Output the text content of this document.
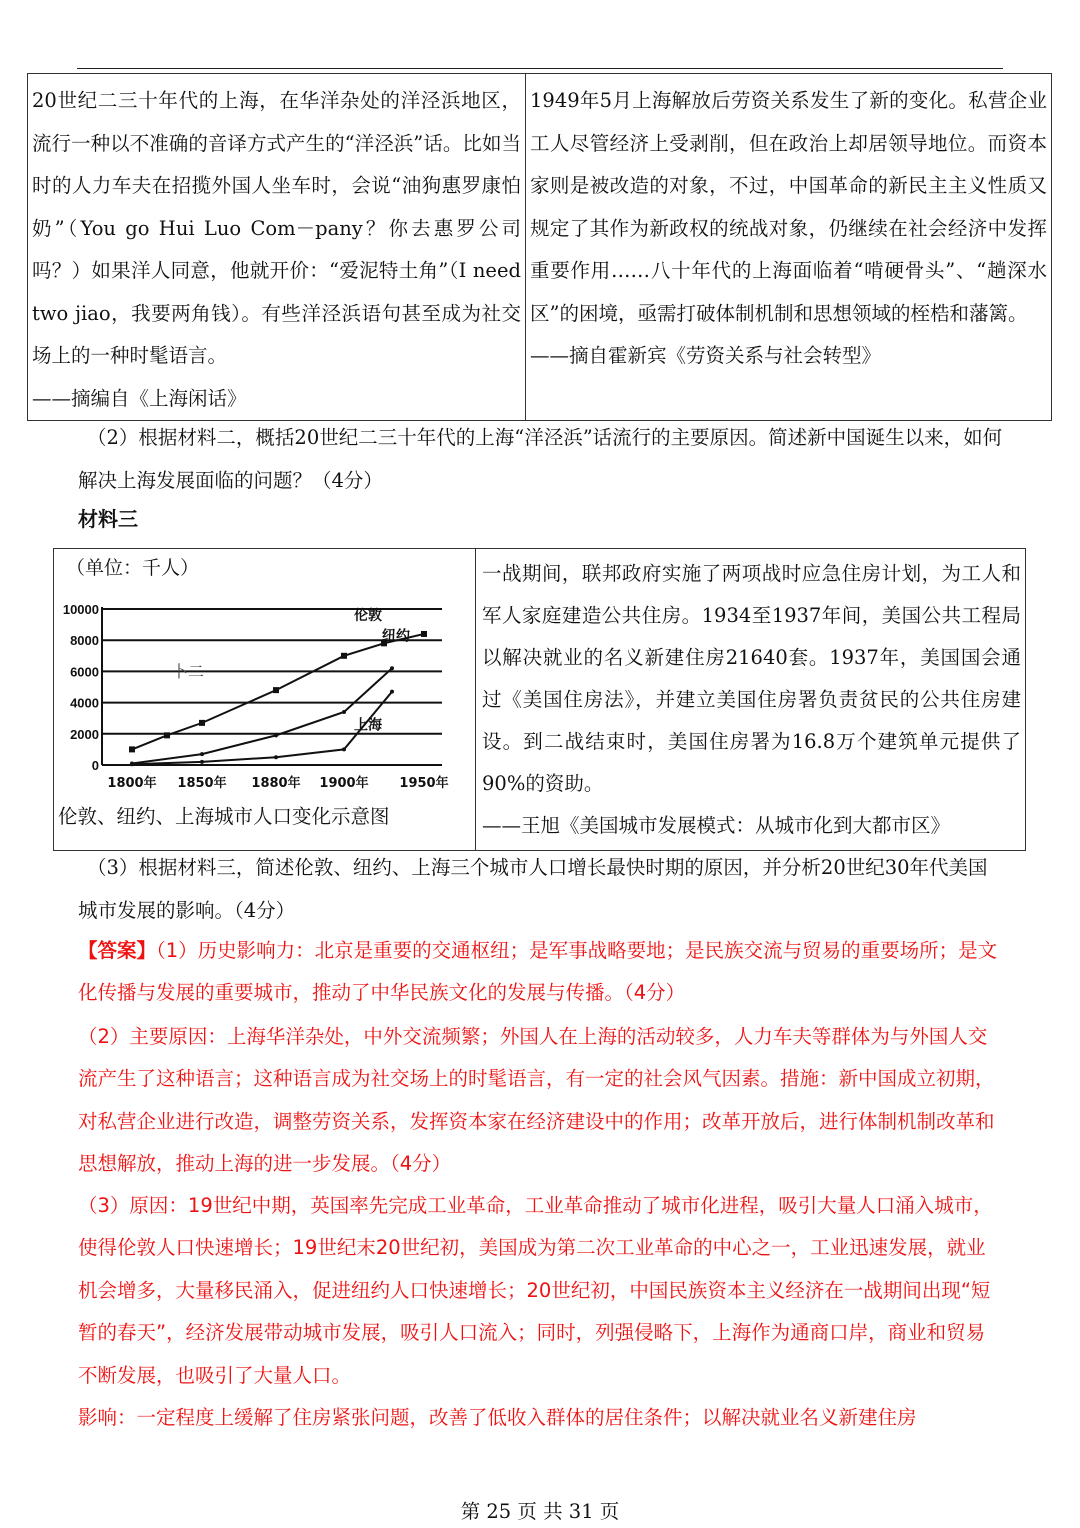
20世纪二三十年代的上海，在华洋杂处的洋泾浜地区，流行一种以不准确的音译方式产生的“洋泾浜”话。比如当时的人力车夫在招揽外国人坐车时，会说“油狗惠罗康怕奶”（You go Hui Luo Com－pany？你去惠罗公司吗？）如果洋人同意，他就开价：“爱泥特土角”（I need two jiao，我要两角钱）。有些洋泾浜语句甚至成为社交场上的一种时髦语言。
——摘编自《上海闲话》
1949年5月上海解放后劳资关系发生了新的变化。私营企业工人尽管经济上受剥削，但在政治上却居领导地位。而资本家则是被改造的对象，不过，中国革命的新民主主义性质又规定了其作为新政权的统战对象，仍继续在社会经济中发挥重要作用……八十年代的上海面临着“啃硬骨头”、“趟深水区”的困境，亟需打破体制机制和思想领域的桎梏和藩篱。
——摘自霍新宾《劳资关系与社会转型》
（2）根据材料二，概括20世纪二三十年代的上海“洋泾浜”话流行的主要原因。简述新中国诞生以来，如何解决上海发展面临的问题？（4分）
材料三
（单位：千人）
0
2000
4000
6000
8000
10000
1800年 1850年 1880年 1900年 1950年
伦敦
纽约
上海
卜二
伦敦、纽约、上海城市人口变化示意图
一战期间，联邦政府实施了两项战时应急住房计划，为工人和军人家庭建造公共住房。1934至1937年间，美国公共工程局以解决就业的名义新建住房21640套。1937年，美国国会通过《美国住房法》，并建立美国住房署负责贫民的公共住房建设。到二战结束时，美国住房署为16.8万个建筑单元提供了90%的资助。
——王旭《美国城市发展模式：从城市化到大都市区》
（3）根据材料三，简述伦敦、纽约、上海三个城市人口增长最快时期的原因，并分析20世纪30年代美国城市发展的影响。（4分）
【答案】（1）历史影响力：北京是重要的交通枢纽；是军事战略要地；是民族交流与贸易的重要场所；是文化传播与发展的重要城市，推动了中华民族文化的发展与传播。（4分）
（2）主要原因：上海华洋杂处，中外交流频繁；外国人在上海的活动较多，人力车夫等群体为与外国人交流产生了这种语言；这种语言成为社交场上的时髦语言，有一定的社会风气因素。措施：新中国成立初期，对私营企业进行改造，调整劳资关系，发挥资本家在经济建设中的作用；改革开放后，进行体制机制改革和思想解放，推动上海的进一步发展。（4分）
（3）原因：19世纪中期，英国率先完成工业革命，工业革命推动了城市化进程，吸引大量人口涌入城市，使得伦敦人口快速增长；19世纪末20世纪初，美国成为第二次工业革命的中心之一，工业迅速发展，就业机会增多，大量移民涌入，促进纽约人口快速增长；20世纪初，中国民族资本主义经济在一战期间出现“短暂的春天”，经济发展带动城市发展，吸引人口流入；同时，列强侵略下，上海作为通商口岸，商业和贸易不断发展，也吸引了大量人口。
影响：一定程度上缓解了住房紧张问题，改善了低收入群体的居住条件；以解决就业名义新建住房
第 25 页 共 31 页
